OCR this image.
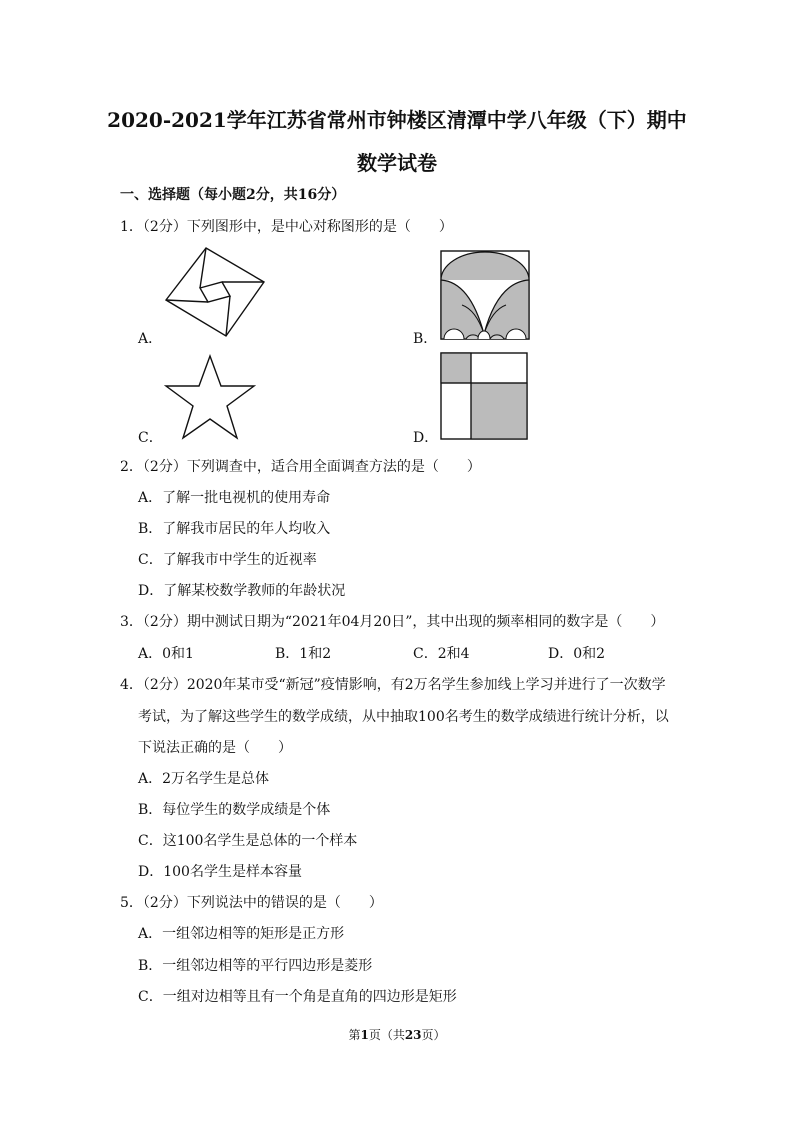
2020-2021学年江苏省常州市钟楼区清潭中学八年级（下）期中
数学试卷
一、选择题（每小题2分，共16分）
1．（2分）下列图形中，是中心对称图形的是（　　）
A．	B．
C．	D．
2．（2分）下列调查中，适合用全面调查方法的是（　　）
A．了解一批电视机的使用寿命
B．了解我市居民的年人均收入
C．了解我市中学生的近视率
D．了解某校数学教师的年龄状况
3．（2分）期中测试日期为“2021年04月20日”，其中出现的频率相同的数字是（　　）
A．0和1	B．1和2	C．2和4	D．0和2
4．（2分）2020年某市受“新冠”疫情影响，有2万名学生参加线上学习并进行了一次数学
考试，为了解这些学生的数学成绩，从中抽取100名考生的数学成绩进行统计分析，以
下说法正确的是（　　）
A．2万名学生是总体
B．每位学生的数学成绩是个体
C．这100名学生是总体的一个样本
D．100名学生是样本容量
5．（2分）下列说法中的错误的是（　　）
A．一组邻边相等的矩形是正方形
B．一组邻边相等的平行四边形是菱形
C．一组对边相等且有一个角是直角的四边形是矩形
第1页（共23页）
